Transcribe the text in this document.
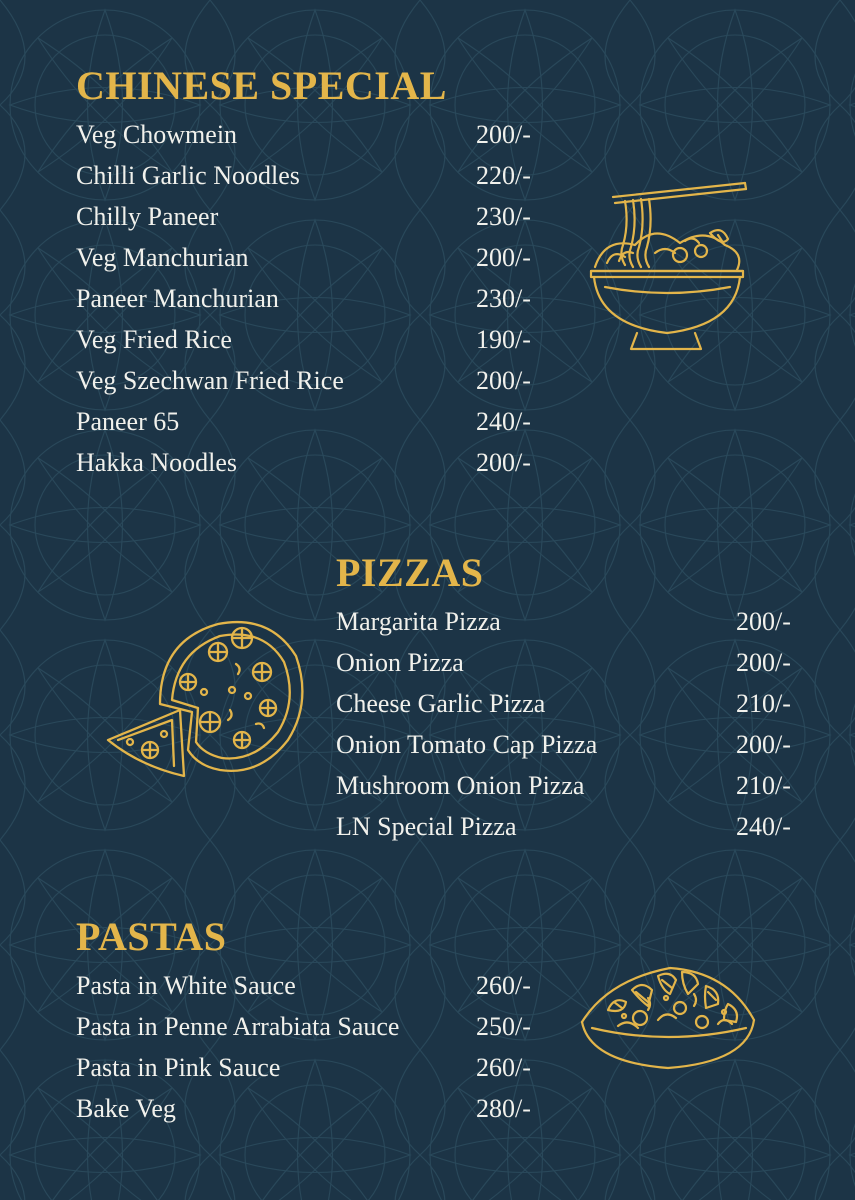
CHINESE SPECIAL
Veg Chowmein	200/-
Chilli Garlic Noodles	220/-
Chilly Paneer	230/-
Veg Manchurian	200/-
Paneer Manchurian	230/-
Veg Fried Rice	190/-
Veg Szechwan Fried Rice	200/-
Paneer 65	240/-
Hakka Noodles	200/-
PIZZAS
Margarita Pizza	200/-
Onion Pizza	200/-
Cheese Garlic Pizza	210/-
Onion Tomato Cap Pizza	200/-
Mushroom Onion Pizza	210/-
LN Special Pizza	240/-
PASTAS
Pasta in White Sauce	260/-
Pasta in Penne Arrabiata Sauce	250/-
Pasta in Pink Sauce	260/-
Bake Veg	280/-
